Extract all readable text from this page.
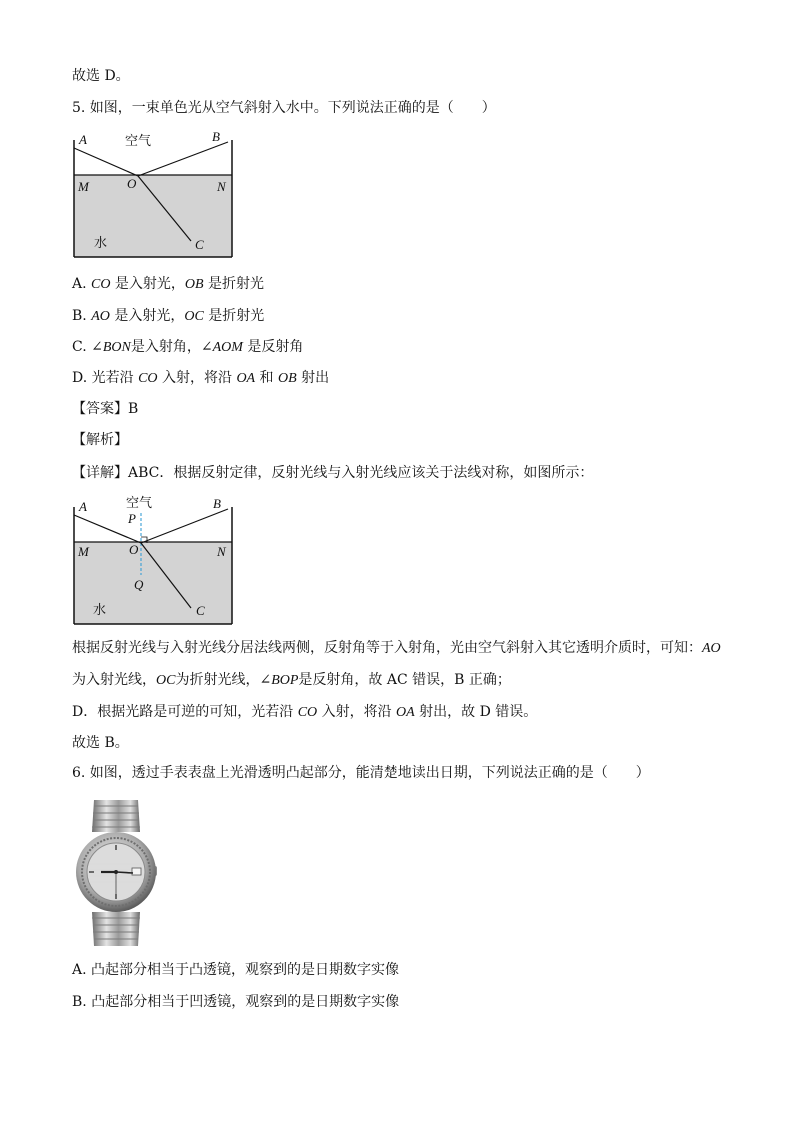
故选 D。
5. 如图，一束单色光从空气斜射入水中。下列说法正确的是（　　）
A	B
空气
M	O	N
水	C
A. CO 是入射光，OB 是折射光
B. AO 是入射光，OC 是折射光
C. ∠BON是入射角，∠AOM 是反射角
D. 光若沿 CO 入射，将沿 OA 和 OB 射出
【答案】B
【解析】
【详解】ABC．根据反射定律，反射光线与入射光线应该关于法线对称，如图所示：
A	B
空气
P
M	O	N
Q
水	C
根据反射光线与入射光线分居法线两侧，反射角等于入射角，光由空气斜射入其它透明介质时，可知：AO
为入射光线，OC为折射光线，∠BOP是反射角，故 AC 错误，B 正确；
D．根据光路是可逆的可知，光若沿 CO 入射，将沿 OA 射出，故 D 错误。
故选 B。
6. 如图，透过手表表盘上光滑透明凸起部分，能清楚地读出日期，下列说法正确的是（　　）
A. 凸起部分相当于凸透镜，观察到的是日期数字实像
B. 凸起部分相当于凹透镜，观察到的是日期数字实像
